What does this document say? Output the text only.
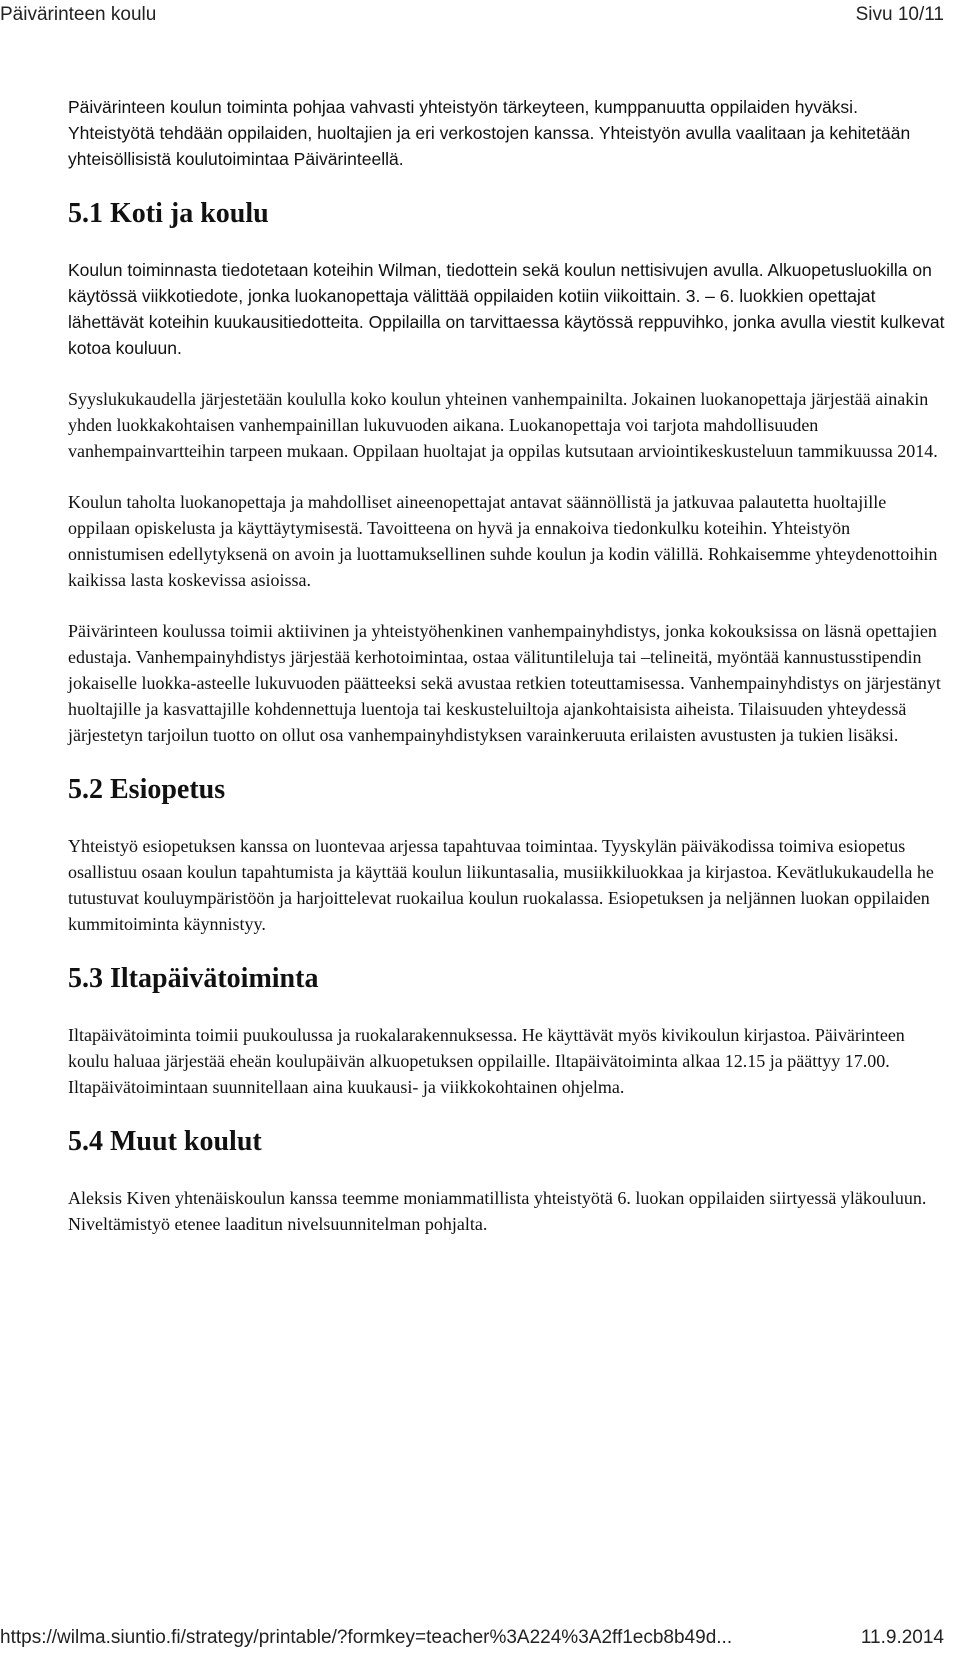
Päivärinteen koulu	Sivu 10/11

Päivärinteen koulun toiminta pohjaa vahvasti yhteistyön tärkeyteen, kumppanuutta oppilaiden hyväksi. Yhteistyötä tehdään oppilaiden, huoltajien ja eri verkostojen kanssa. Yhteistyön avulla vaalitaan ja kehitetään yhteisöllisistä koulutoimintaa Päivärinteellä.

5.1 Koti ja koulu

Koulun toiminnasta tiedotetaan koteihin Wilman, tiedottein sekä koulun nettisivujen avulla. Alkuopetusluokilla on käytössä viikkotiedote, jonka luokanopettaja välittää oppilaiden kotiin viikoittain. 3. – 6. luokkien opettajat lähettävät koteihin kuukausitiedotteita. Oppilailla on tarvittaessa käytössä reppuvihko, jonka avulla viestit kulkevat kotoa kouluun.

Syyslukukaudella järjestetään koululla koko koulun yhteinen vanhempainilta. Jokainen luokanopettaja järjestää ainakin yhden luokkakohtaisen vanhempainillan lukuvuoden aikana. Luokanopettaja voi tarjota mahdollisuuden vanhempainvartteihin tarpeen mukaan. Oppilaan huoltajat ja oppilas kutsutaan arviointikeskusteluun tammikuussa 2014.

Koulun taholta luokanopettaja ja mahdolliset aineenopettajat antavat säännöllistä ja jatkuvaa palautetta huoltajille oppilaan opiskelusta ja käyttäytymisestä. Tavoitteena on hyvä ja ennakoiva tiedonkulku koteihin. Yhteistyön onnistumisen edellytyksenä on avoin ja luottamuksellinen suhde koulun ja kodin välillä. Rohkaisemme yhteydenottoihin kaikissa lasta koskevissa asioissa.

Päivärinteen koulussa toimii aktiivinen ja yhteistyöhenkinen vanhempainyhdistys, jonka kokouksissa on läsnä opettajien edustaja. Vanhempainyhdistys järjestää kerhotoimintaa, ostaa välituntileluja tai –telineitä, myöntää kannustusstipendin jokaiselle luokka-asteelle lukuvuoden päätteeksi sekä avustaa retkien toteuttamisessa. Vanhempainyhdistys on järjestänyt huoltajille ja kasvattajille kohdennettuja luentoja tai keskusteluiltoja ajankohtaisista aiheista. Tilaisuuden yhteydessä järjestetyn tarjoilun tuotto on ollut osa vanhempainyhdistyksen varainkeruuta erilaisten avustusten ja tukien lisäksi.

5.2 Esiopetus

Yhteistyö esiopetuksen kanssa on luontevaa arjessa tapahtuvaa toimintaa. Tyyskylän päiväkodissa toimiva esiopetus osallistuu osaan koulun tapahtumista ja käyttää koulun liikuntasalia, musiikkiluokkaa ja kirjastoa. Kevätlukukaudella he tutustuvat kouluympäristöön ja harjoittelevat ruokailua koulun ruokalassa. Esiopetuksen ja neljännen luokan oppilaiden kummitoiminta käynnistyy.

5.3 Iltapäivätoiminta

Iltapäivätoiminta toimii puukoulussa ja ruokalarakennuksessa. He käyttävät myös kivikoulun kirjastoa. Päivärinteen koulu haluaa järjestää eheän koulupäivän alkuopetuksen oppilaille. Iltapäivätoiminta alkaa 12.15 ja päättyy 17.00. Iltapäivätoimintaan suunnitellaan aina kuukausi- ja viikkokohtainen ohjelma.

5.4 Muut koulut

Aleksis Kiven yhtenäiskoulun kanssa teemme moniammatillista yhteistyötä 6. luokan oppilaiden siirtyessä yläkouluun. Niveltämistyö etenee laaditun nivelsuunnitelman pohjalta.

https://wilma.siuntio.fi/strategy/printable/?formkey=teacher%3A224%3A2ff1ecb8b49d...	11.9.2014
